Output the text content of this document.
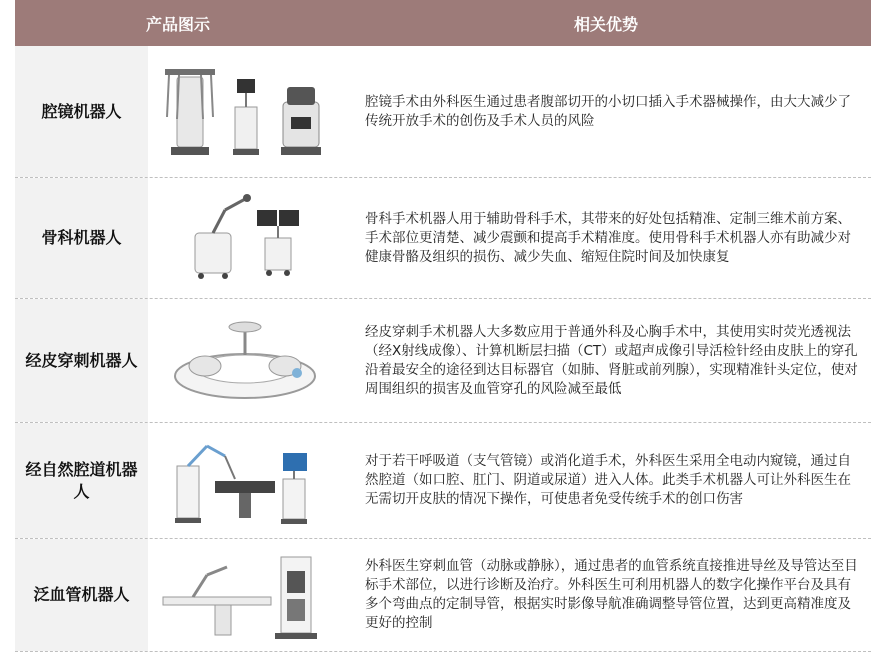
产品图示	相关优势
腔镜机器人	腔镜手术由外科医生通过患者腹部切开的小切口插入手术器械操作，由大大减少了传统开放手术的创伤及手术人员的风险
骨科机器人
骨科手术机器人用于辅助骨科手术，其带来的好处包括精准、定制三维术前方案、手术部位更清楚、减少震颤和提高手术精准度。使用骨科手术机器人亦有助减少对健康骨骼及组织的损伤、减少失血、缩短住院时间及加快康复
经皮穿刺机器人
经皮穿刺手术机器人大多数应用于普通外科及心胸手术中，其使用实时荧光透视法（经X射线成像）、计算机断层扫描（CT）或超声成像引导活检针经由皮肤上的穿孔沿着最安全的途径到达目标器官（如肺、肾脏或前列腺），实现精准针头定位，使对周围组织的损害及血管穿孔的风险减至最低
经自然腔道机器人
对于若干呼吸道（支气管镜）或消化道手术，外科医生采用全电动内窥镜，通过自然腔道（如口腔、肛门、阴道或尿道）进入人体。此类手术机器人可让外科医生在无需切开皮肤的情况下操作，可使患者免受传统手术的创口伤害
泛血管机器人
外科医生穿刺血管（动脉或静脉），通过患者的血管系统直接推进导丝及导管达至目标手术部位，以进行诊断及治疗。外科医生可利用机器人的数字化操作平台及具有多个弯曲点的定制导管，根据实时影像导航准确调整导管位置，达到更高精准度及更好的控制
